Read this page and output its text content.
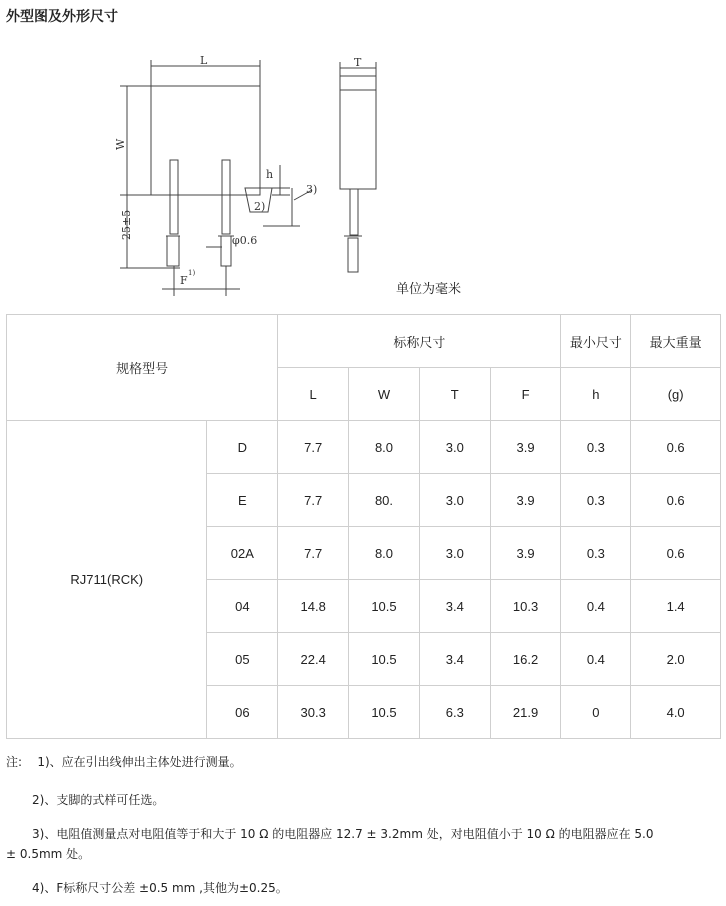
外型图及外形尺寸
L	T
W
h
3)
2)
25±5
φ0.6
F
1)
单位为毫米
规格型号		标称尺寸				最小尺寸	最大重量
		L	W	T	F	h	(g)
RJ711(RCK)	D	7.7	8.0	3.0	3.9	0.3	0.6
	E	7.7	80.	3.0	3.9	0.3	0.6
	02A	7.7	8.0	3.0	3.9	0.3	0.6
	04	14.8	10.5	3.4	10.3	0.4	1.4
	05	22.4	10.5	3.4	16.2	0.4	2.0
	06	30.3	10.5	6.3	21.9	0	4.0

注: 1)、应在引出线伸出主体处进行测量。

2)、支脚的式样可任选。

3)、电阻值测量点对电阻值等于和大于 10 Ω 的电阻器应 12.7 ± 3.2mm 处，对电阻值小于 10 Ω 的电阻器应在 5.0
± 0.5mm 处。

4)、F标称尺寸公差 ±0.5 mm ,其他为±0.25。
